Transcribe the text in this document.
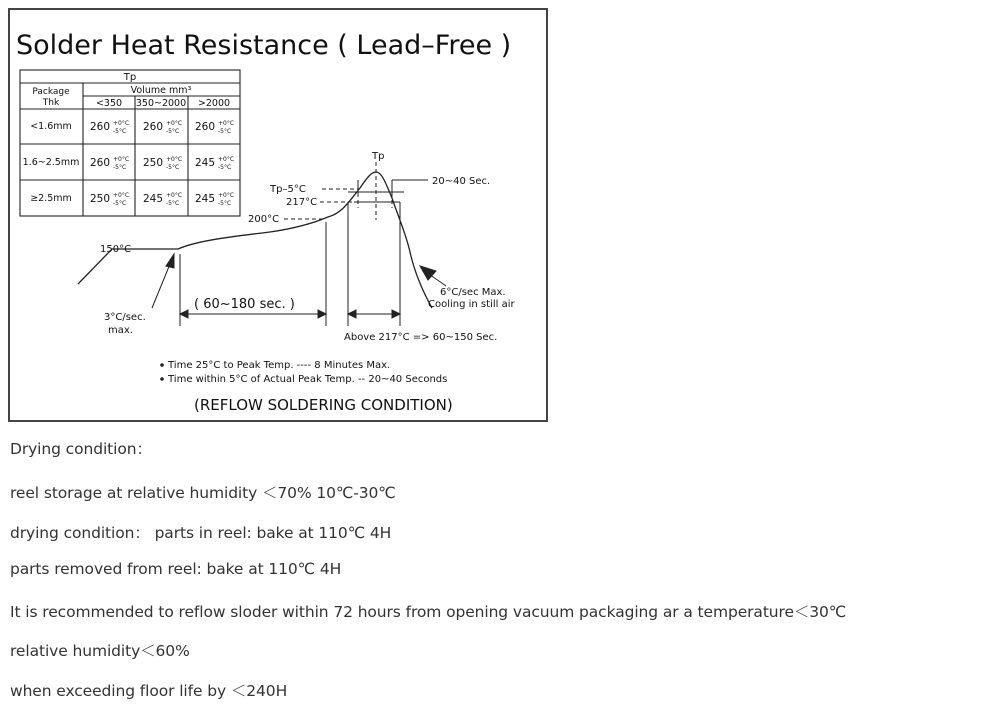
Solder Heat Resistance ( Lead–Free )
Tp
Package
Thk
Volume mm³
<350 350~2000 >2000
<1.6mm 260 +0°C
-5°C 260 +0°C
-5°C 260 +0°C
-5°C
1.6~2.5mm 260 +0°C
-5°C 250 +0°C
-5°C 245 +0°C
-5°C
≥2.5mm 250 +0°C
-5°C 245 +0°C
-5°C 245 +0°C
-5°C
Tp
Tp–5°C
217°C
200°C
150°C
20~40 Sec.
3°C/sec.
max.
( 60~180 sec. )
Above 217°C => 60~150 Sec.
6°C/sec Max.
Cooling in still air
Time 25°C to Peak Temp. ---- 8 Minutes Max.
Time within 5°C of Actual Peak Temp. -- 20~40 Seconds
(REFLOW SOLDERING CONDITION)
Drying condition：
reel storage at relative humidity ＜70% 10℃-30℃
drying condition： parts in reel: bake at 110℃ 4H
parts removed from reel: bake at 110℃ 4H
It is recommended to reflow sloder within 72 hours from opening vacuum packaging ar a temperature＜30℃
relative humidity＜60%
when exceeding floor life by ＜240H
